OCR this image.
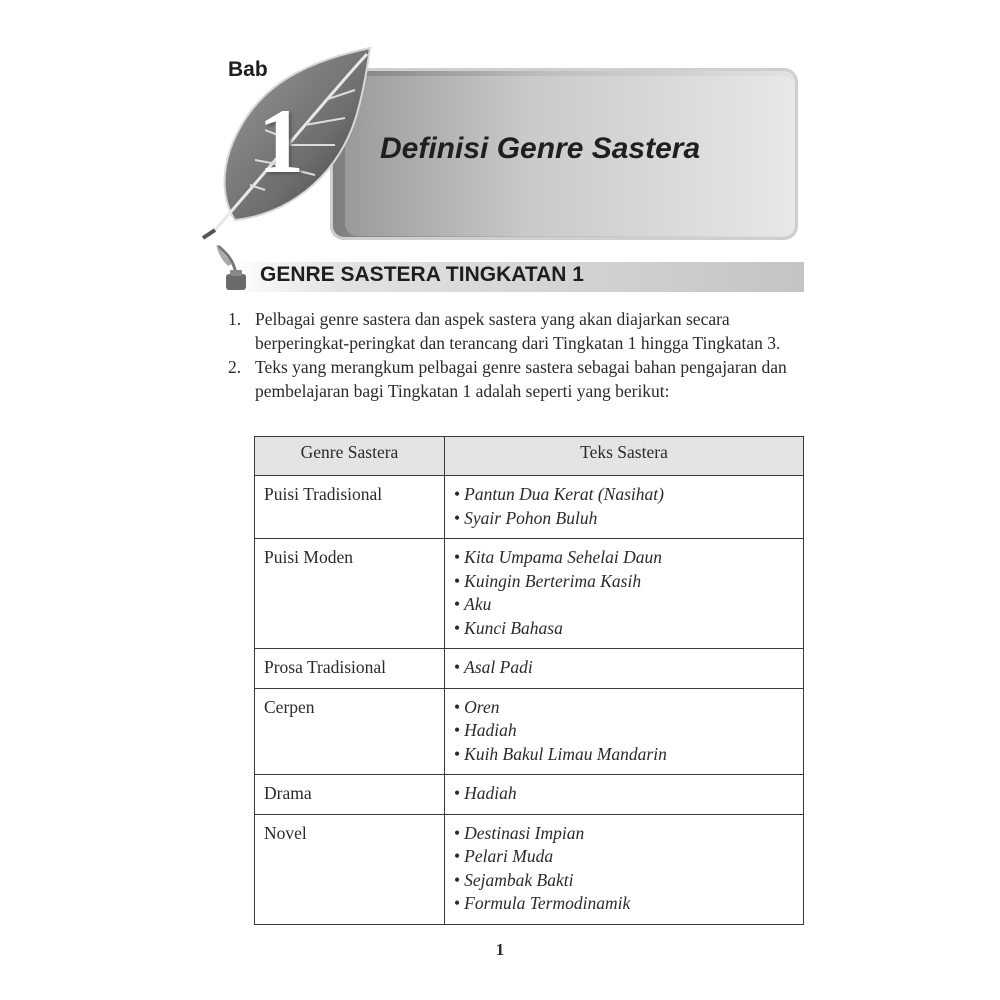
Bab
1	Definisi Genre Sastera
GENRE SASTERA TINGKATAN 1
1. Pelbagai genre sastera dan aspek sastera yang akan diajarkan secara berperingkat-peringkat dan terancang dari Tingkatan 1 hingga Tingkatan 3.
2. Teks yang merangkum pelbagai genre sastera sebagai bahan pengajaran dan pembelajaran bagi Tingkatan 1 adalah seperti yang berikut:
Genre Sastera	Teks Sastera
Puisi Tradisional	• Pantun Dua Kerat (Nasihat)
• Syair Pohon Buluh

Puisi Moden	• Kita Umpama Sehelai Daun
• Kuingin Berterima Kasih
• Aku
• Kunci Bahasa

Prosa Tradisional	• Asal Padi

Cerpen	• Oren
• Hadiah
• Kuih Bakul Limau Mandarin

Drama	• Hadiah

Novel	• Destinasi Impian
• Pelari Muda
• Sejambak Bakti
• Formula Termodinamik
1
